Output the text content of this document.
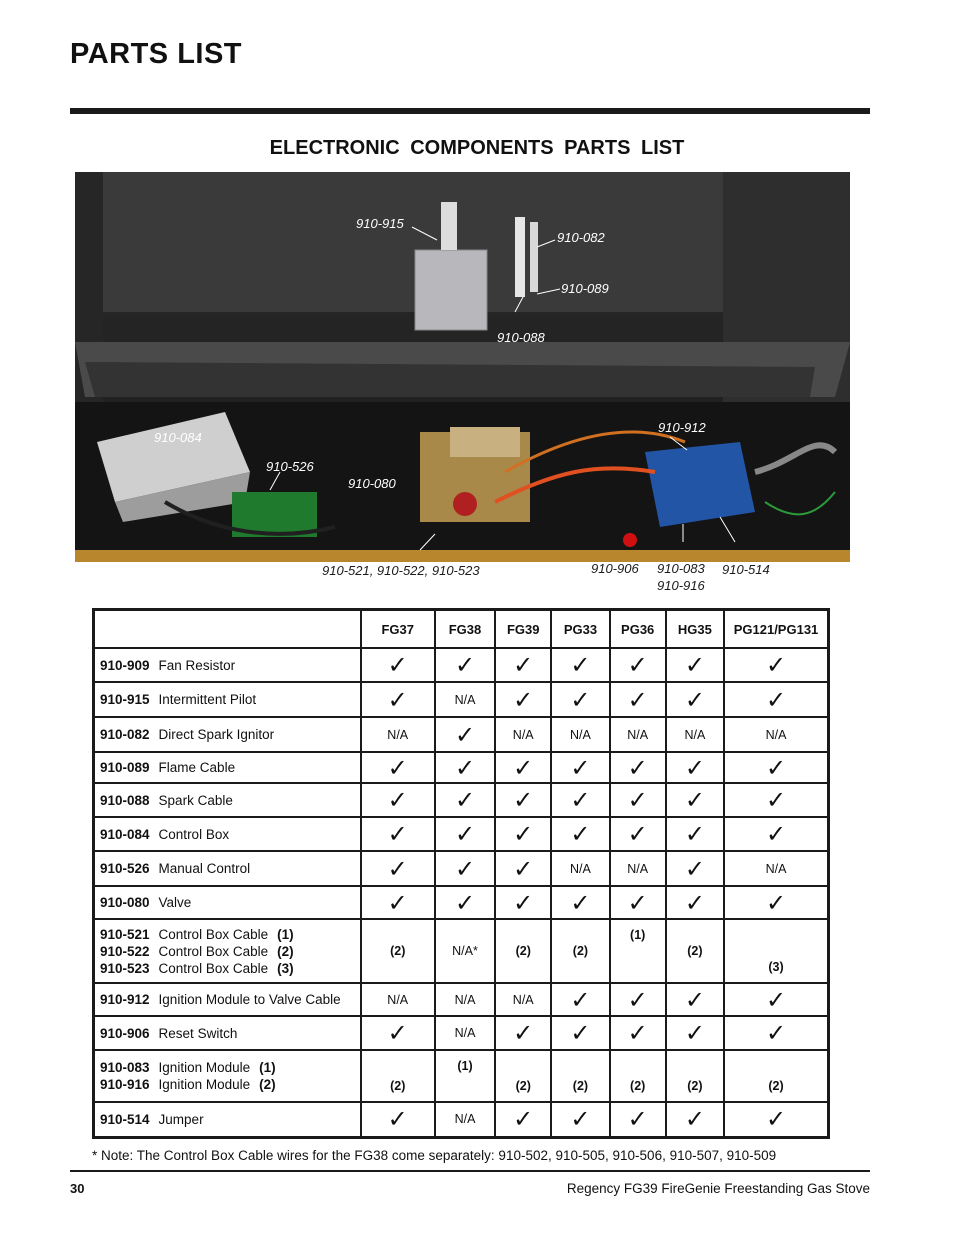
PARTS LIST
ELECTRONIC COMPONENTS PARTS LIST
910-915
910-082
910-089
910-088
910-084
910-526
910-080
910-912
910-521, 910-522, 910-523	910-906 910-083
910-916
910-514
	FG37	FG38	FG39	PG33	PG36	HG35	PG121/PG131

910-909 Fan Resistor	✓	✓	✓	✓	✓	✓	✓

910-915 Intermittent Pilot	✓	N/A	✓	✓	✓	✓	✓

910-082 Direct Spark Ignitor	N/A	✓	N/A	N/A	N/A	N/A	N/A

910-089 Flame Cable	✓	✓	✓	✓	✓	✓	✓

910-088 Spark Cable	✓	✓	✓	✓	✓	✓	✓

910-084 Control Box	✓	✓	✓	✓	✓	✓	✓

910-526 Manual Control	✓	✓	✓	N/A	N/A	✓	N/A

910-080 Valve	✓	✓	✓	✓	✓	✓	✓

910-521 Control Box Cable (1)
910-522 Control Box Cable (2)
910-523 Control Box Cable (3)	(2)	N/A*	(2)	(2)	(1)	(2)	(3)

910-912 Ignition Module to Valve Cable	N/A	N/A	N/A	✓	✓	✓	✓

910-906 Reset Switch	✓	N/A	✓	✓	✓	✓	✓

910-083 Ignition Module (1)
910-916 Ignition Module (2)	(2)	(1)	(2)	(2)	(2)	(2)	(2)

910-514 Jumper	✓	N/A	✓	✓	✓	✓	✓
* Note: The Control Box Cable wires for the FG38 come separately: 910-502, 910-505, 910-506, 910-507, 910-509
30	Regency FG39 FireGenie Freestanding Gas Stove
